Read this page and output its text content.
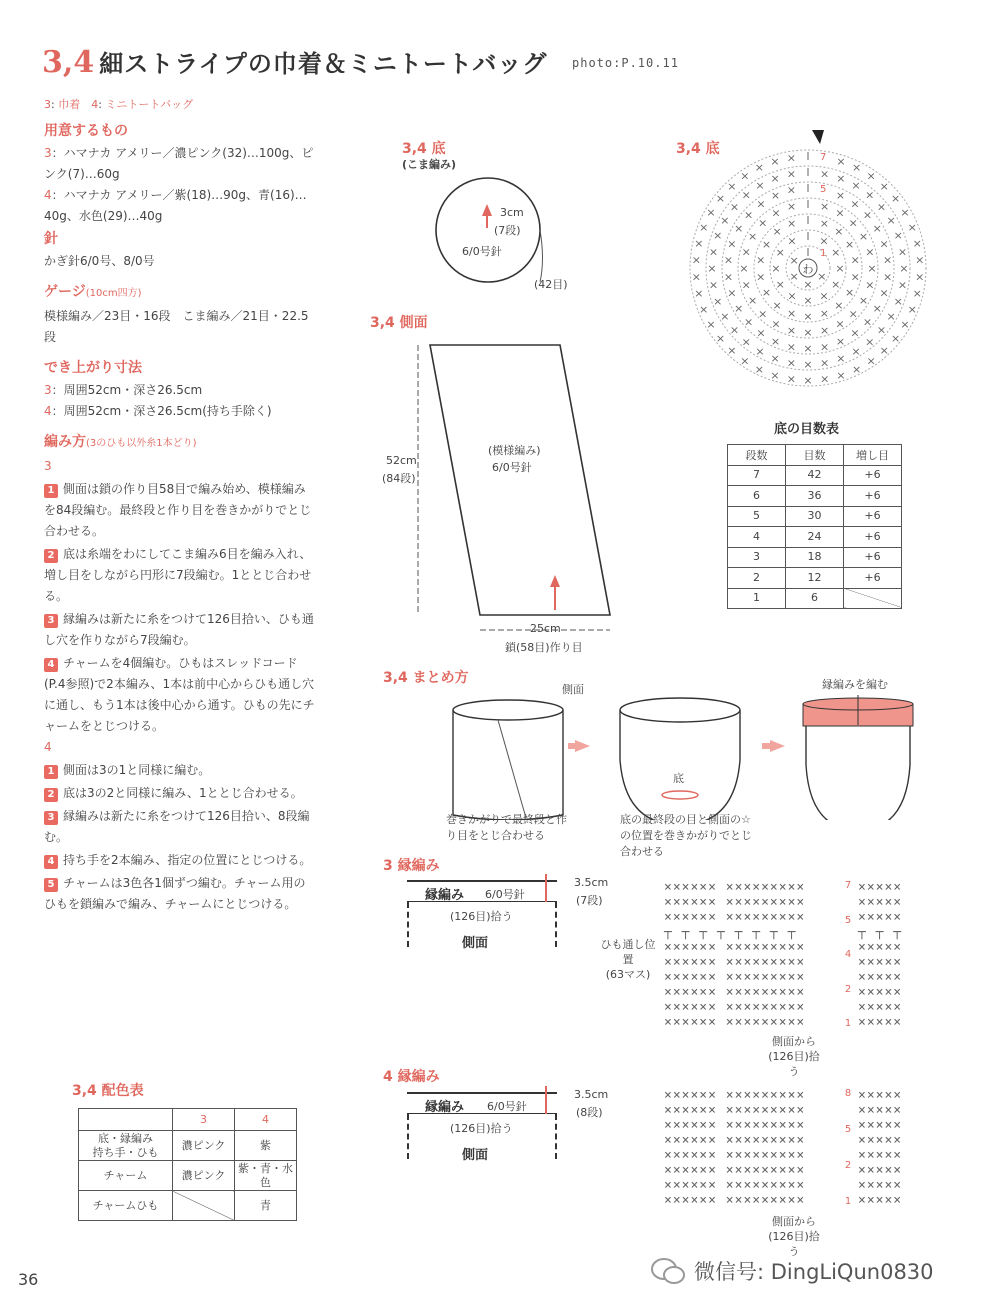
3,4 細ストライプの巾着＆ミニトートバッグ photo:P.10.11
3: 巾着　 4: ミニトートバッグ
用意するもの
3：ハマナカ アメリー／濃ピンク(32)…100g、ピンク(7)…60g
4：ハマナカ アメリー／紫(18)…90g、青(16)…40g、水色(29)…40g
針
かぎ針6/0号、8/0号
ゲージ(10cm四方)
模様編み／23目・16段　こま編み／21目・22.5段
でき上がり寸法
3：周囲52cm・深さ26.5cm
4：周囲52cm・深さ26.5cm(持ち手除く)
編み方(3のひも以外糸1本どり)
3
1 側面は鎖の作り目58目で編み始め、模様編みを84段編む。最終段と作り目を巻きかがりでとじ合わせる。
2 底は糸端をわにしてこま編み6目を編み入れ、増し目をしながら円形に7段編む。1ととじ合わせる。
3 縁編みは新たに糸をつけて126目拾い、ひも通し穴を作りながら7段編む。
4 チャームを4個編む。ひもはスレッドコード(P.4参照)で2本編み、1本は前中心からひも通し穴に通し、もう1本は後中心から通す。ひもの先にチャームをとじつける。
4
1 側面は3の1と同様に編む。
2 底は3の2と同様に編み、1ととじ合わせる。
3 縁編みは新たに糸をつけて126目拾い、8段編む。
4 持ち手を2本編み、指定の位置にとじつける。
5 チャームは3色各1個ずつ編む。チャーム用のひもを鎖編みで編み、チャームにとじつける。
3,4 底
(こま編み)
3cm
(7段)
6/0号針
(42目)
3,4 側面
52cm
(84段)
(模様編み)
6/0号針
25cm
鎖(58目)作り目
3,4 底
×
×
×
×
×
×
×
×
×
×
×
×
×
×
×
×
×
×
×
×
×
×
×
×
×
×
×
×
×
×
×
×
× ×
×
×
×
×
×
×
×
×
×
×
×
×
×
×
×
×
×
×
×
× ×
×
×
×
×
×
×
×
×
×
×
×
×
×
×
×
×
×
×
×
×
×
×
×
×
×
×
× ×
× ×
×
×
×
×
×
×
×
×
×
×
×
×
×
×
×
×
×
×
×
×
×
×
×
×
×
×
×
×
×
×
×
× ×
× ×
×
×
×
×
×
×
×
×
×
×
×
×
×
×
×
×
×
×
×
×
×
×
×
×
×
×
×
×
×
×
×
×
×
×
×
× × × 7
5
1
わ
底の目数表
段数	目数	増し目
7	42	+6
6	36	+6
5	30	+6
4	24	+6
3	18	+6
2	12	+6
1	6	
3,4 まとめ方
側面
巻きかがりで最終段と作り目をとじ合わせる
底
底の最終段の目と側面の☆の位置を巻きかがりでとじ合わせる
縁編みを編む
3 縁編み
縁編み 6/0号針
3.5cm
(7段)
(126目)拾う
側面	ひも通し位置
(63マス)
×××××× ×××××××××	×××××
×××××× ×××××××××	×××××
×××××× ×××××××××	×××××
┬ ┬ ┬ ┬ ┬ ┬ ┬ ┬	┬ ┬ ┬
×××××× ×××××××××	×××××
×××××× ×××××××××	×××××
×××××× ×××××××××	×××××
×××××× ×××××××××	×××××
×××××× ×××××××××	×××××
×××××× ×××××××××	×××××
7
5
4
2
1
側面から
(126目)拾う
4 縁編み
縁編み 6/0号針
3.5cm
(8段)
(126目)拾う
側面
×××××× ×××××××××	×××××
×××××× ×××××××××	×××××
×××××× ×××××××××	×××××
×××××× ×××××××××	×××××
×××××× ×××××××××	×××××
×××××× ×××××××××	×××××
×××××× ×××××××××	×××××
×××××× ×××××××××	×××××
8
5
2
1
側面から
(126目)拾う
3,4 配色表
	3	4
底・縁編み
持ち手・ひも	濃ピンク	紫
チャーム	濃ピンク	紫・青・水色
チャームひも		青
36	微信号: DingLiQun0830
